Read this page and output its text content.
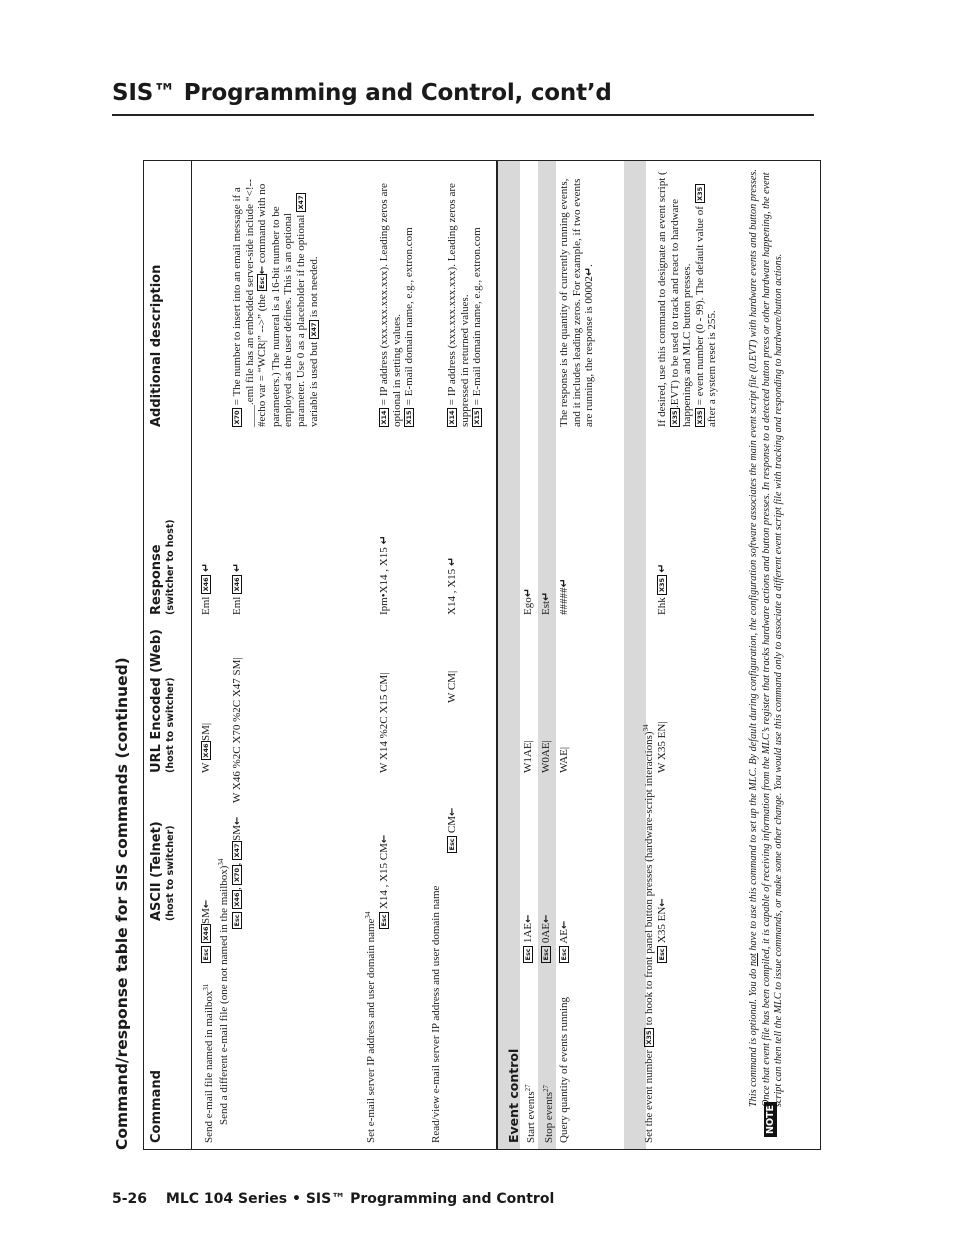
SIS™ Programming and Control, cont’d
Command/response table for SIS commands (continued) Command
ASCII (Telnet) (host to switcher)
URL Encoded (Web) (host to switcher)
Response (switcher to host)
Additional description
Send e-mail file named in mailbox$^{31}$
Esc X46SM←
W X46SM|
Eml X46 ↵
Send a different e-mail file (one not named in the mailbox)$^{34}$
Esc X46, X70, X47SM←
W X46 %2C X70 %2C X47 SM|
Eml X46 ↵
X70 = The number to insert into an email message if a ____.eml file has an embedded server-side include “<!--#echo var = “WCR|” -->” (the Esc← command with no parameters.) The numeral is a 16-bit number to be employed as the user defines. This is an optional parameter. Use 0 as a placeholder if the optional X47 variable is used but X47 is not needed.
Set e-mail server IP address and user domain name$^{34}$	Esc X14 , X15 CM←
W X14 %2C X15 CM|
Ipm•X14 , X15 ↵
X14 = IP address (xxx.xxx.xxx.xxx). Leading zeros are optional in setting values. X15 = E-mail domain name, e.g., extron.com
Read/view e-mail server IP address and user domain name
Esc CM←
W CM|
X14 , X15 ↵
X14 = IP address (xxx.xxx.xxx.xxx). Leading zeros are suppressed in returned values. X15 = E-mail domain name, e.g., extron.com
Event control Start events$^{27}$
Esc 1AE←
W1AE|
Ego↵
Stop events$^{27}$
Esc 0AE←
W0AE|
Est↵
Query quantity of events running
Esc AE←
WAE|
#####↵
The response is the quantity of currently running events, and it includes leading zeros. For example, if two events are running, the response is 00002↵.
Set the event number X35 to hook to front panel button presses (hardware-script interactions)$^{34}$
Esc X35 EN←
W X35 EN|
Ehk X35 ↵
If desired, use this command to designate an event script ( X35.EVT) to be used to track and react to hardware happenings and MLC button presses. X35 = event number (0 - 99). The default value of X35 after a system reset is 255.
NOTE
This command is optional. You do not have to use this command to set up the MLC. By default during configuration, the configuration software associates the main event script file (0.EVT) with hardware events and button presses. Once that event file has been compiled, it is capable of receiving information from the MLC’s register that tracks hardware actions and button presses. In response to a detected button press or other hardware happening, the event script can then tell the MLC to issue commands, or make some other change. You would use this command only to associate a different event script file with tracking and responding to hardware/button actions.
5-26 MLC 104 Series • SIS™ Programming and Control
